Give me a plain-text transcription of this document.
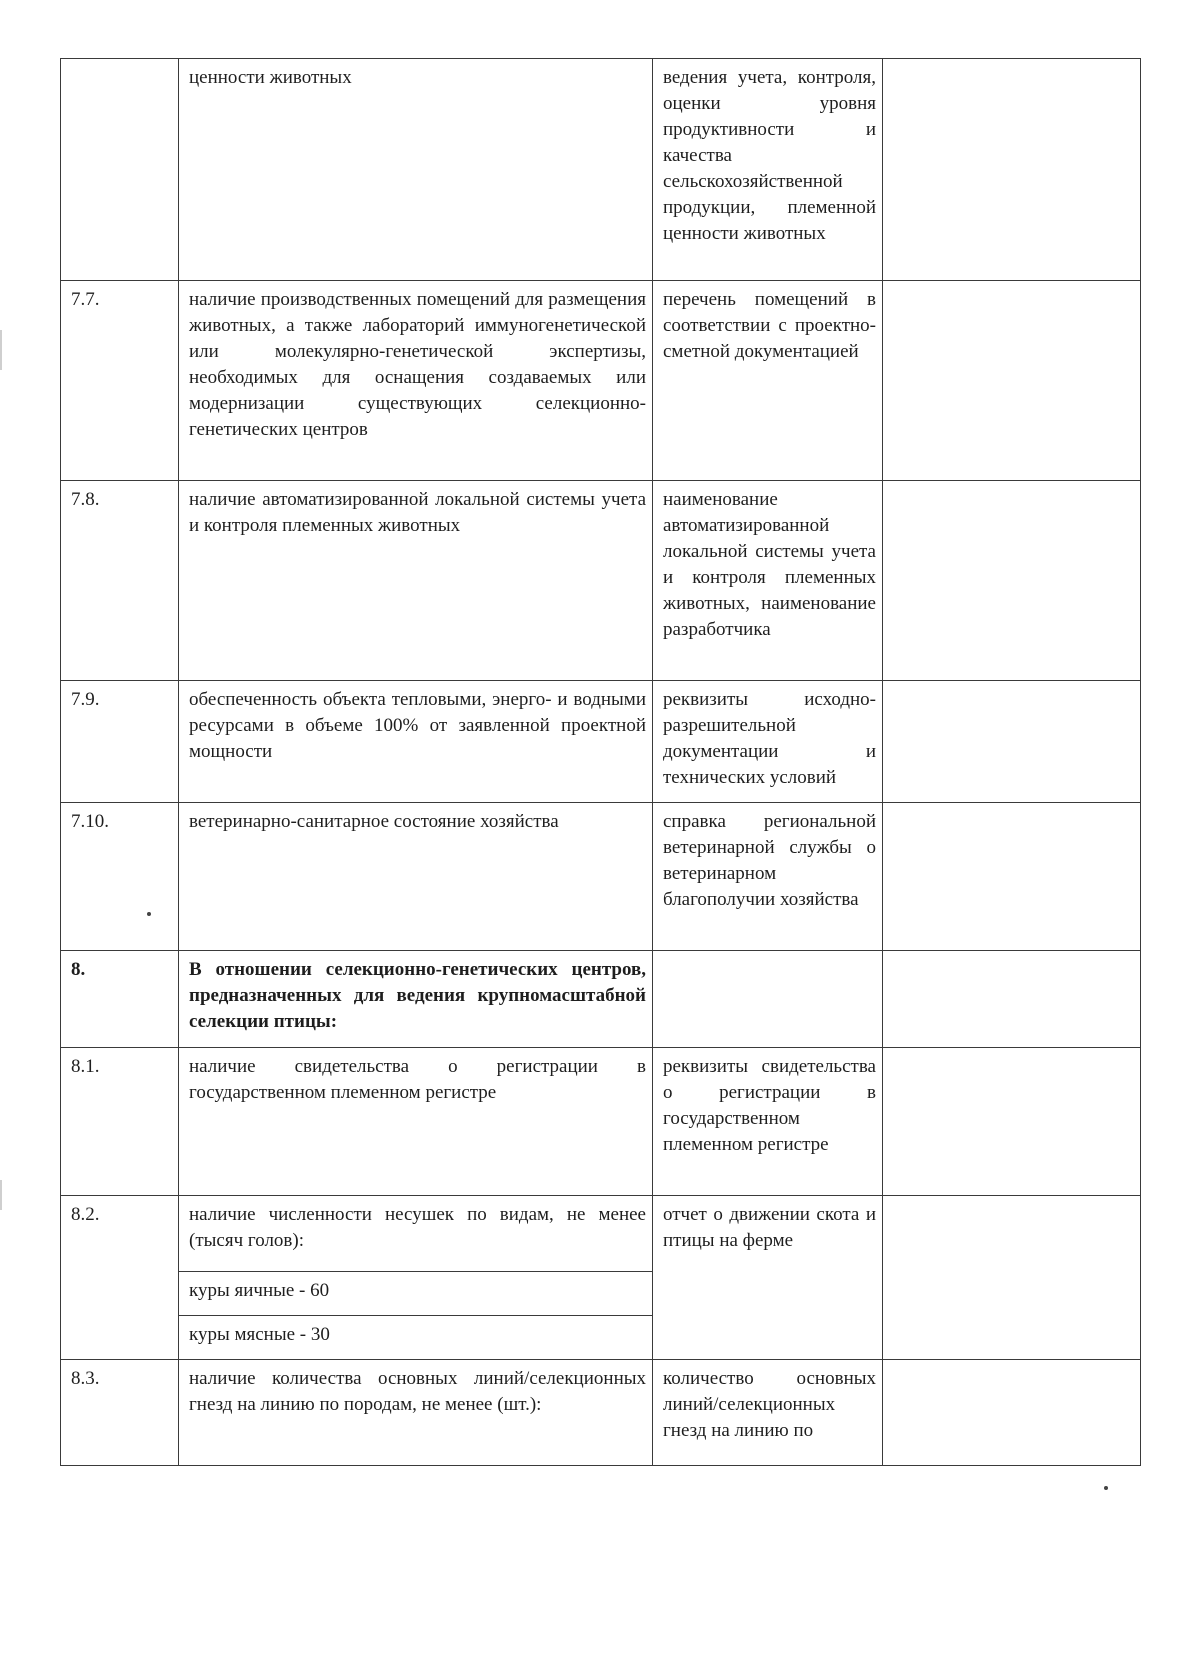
	ценности животных	ведения учета, контроля, оценки уровня продуктивности и качества сельскохозяйственной продукции, племенной ценности животных	
7.7.	наличие производственных помещений для размещения животных, а также лабораторий иммуногенетической или молекулярно-генетической экспертизы, необходимых для оснащения создаваемых или модернизации существующих селекционно-генетических центров	перечень помещений в соответствии с проектно-сметной документацией	
7.8.	наличие автоматизированной локальной системы учета и контроля племенных животных	наименование автоматизированной локальной системы учета и контроля племенных животных, наименование разработчика	
7.9.	обеспеченность объекта тепловыми, энерго- и водными ресурсами в объеме 100% от заявленной проектной мощности	реквизиты исходно-разрешительной документации и технических условий	
7.10.	ветеринарно-санитарное состояние хозяйства	справка региональной ветеринарной службы о ветеринарном благополучии хозяйства	
8.	В отношении селекционно-генетических центров, предназначенных для ведения крупномасштабной селекции птицы:		
8.1.	наличие свидетельства о регистрации в государственном племенном регистре	реквизиты свидетельства о регистрации в государственном племенном регистре	
8.2.	наличие численности несушек по видам, не менее (тысяч голов):	отчет о движении скота и птицы на ферме	
	куры яичные - 60		
	куры мясные - 30		
8.3.	наличие количества основных линий/селекционных гнезд на линию по породам, не менее (шт.):	количество основных линий/селекционных гнезд на линию по	
